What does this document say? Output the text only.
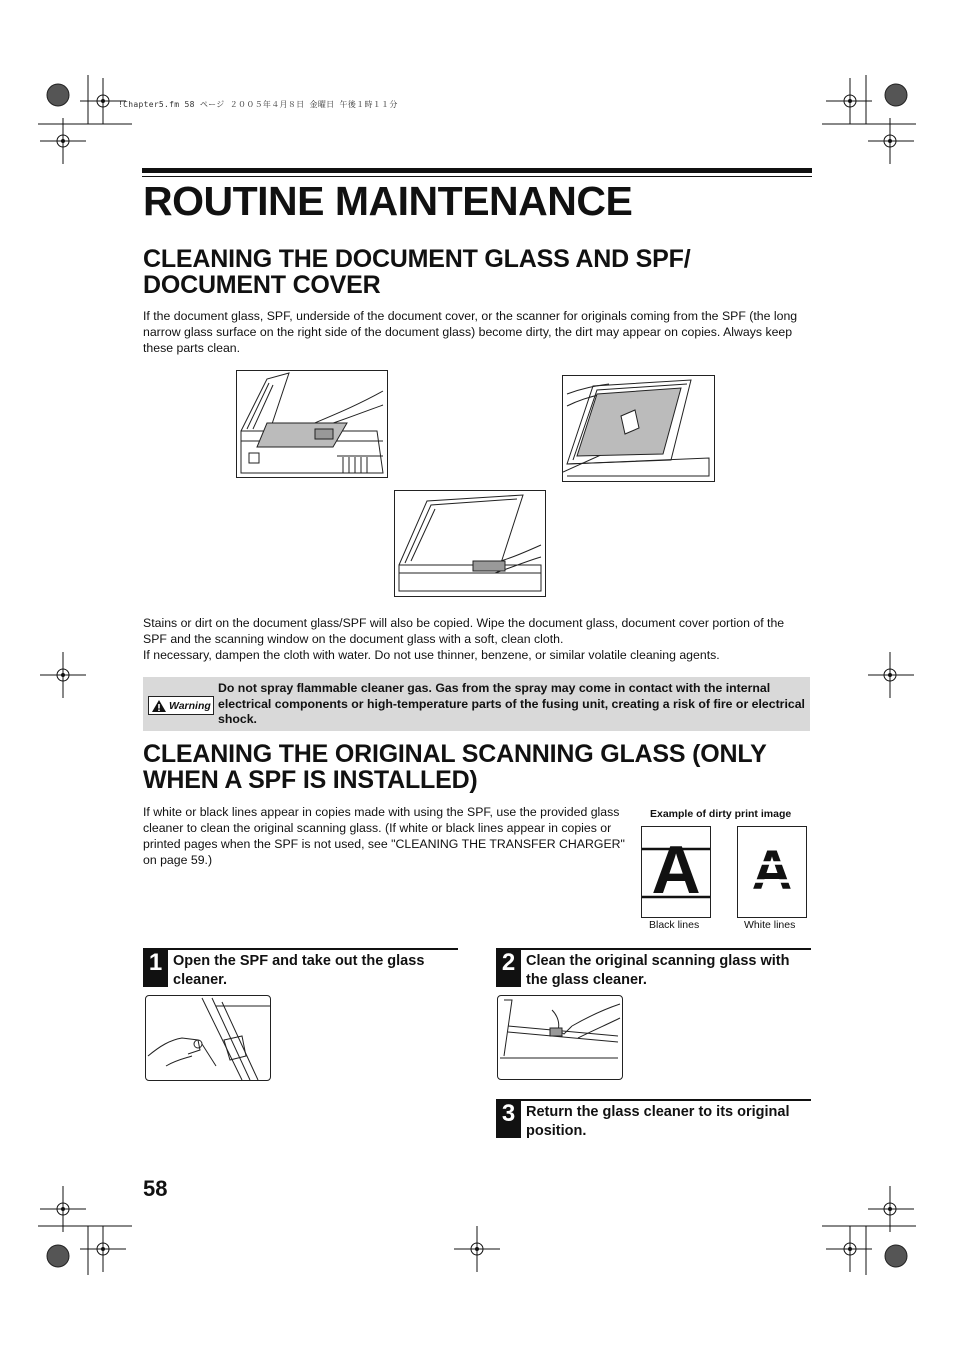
!Chapter5.fm 58 ページ ２００５年４月８日 金曜日 午後１時１１分
ROUTINE MAINTENANCE
CLEANING THE DOCUMENT GLASS AND SPF/
DOCUMENT COVER

If the document glass, SPF, underside of the document cover, or the scanner for originals coming from the SPF (the long narrow glass surface on the right side of the document glass) become dirty, the dirt may appear on copies. Always keep these parts clean.

Stains or dirt on the document glass/SPF will also be copied. Wipe the document glass, document cover portion of the SPF and the scanning window on the document glass with a soft, clean cloth.

If necessary, dampen the cloth with water. Do not use thinner, benzene, or similar volatile cleaning agents.

Warning
Do not spray flammable cleaner gas. Gas from the spray may come in contact with the internal electrical components or high-temperature parts of the fusing unit, creating a risk of fire or electrical shock.
CLEANING THE ORIGINAL SCANNING GLASS (ONLY
WHEN A SPF IS INSTALLED)

If white or black lines appear in copies made with using the SPF, use the provided glass cleaner to clean the original scanning glass. (If white or black lines appear in copies or printed pages when the SPF is not used, see "CLEANING THE TRANSFER CHARGER" on page 59.)

Example of dirty print image
A
Black lines
A
White lines
1 Open the SPF and take out the glass cleaner.
2 Clean the original scanning glass with the glass cleaner.
3 Return the glass cleaner to its original position.
58
